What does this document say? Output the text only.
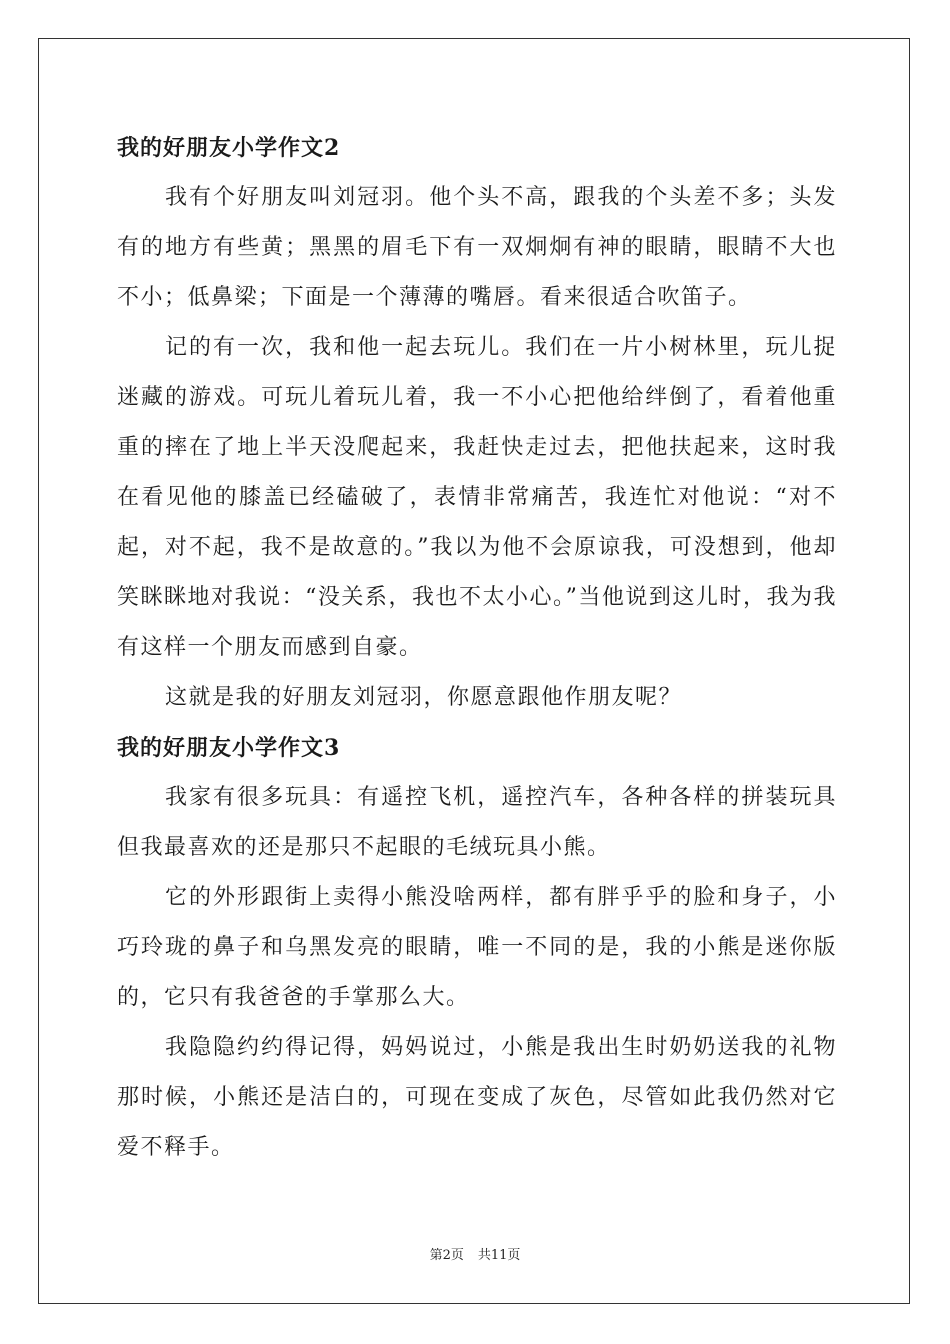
我的好朋友小学作文2

我有个好朋友叫刘冠羽。他个头不高，跟我的个头差不多；头发有的地方有些黄；黑黑的眉毛下有一双炯炯有神的眼睛，眼睛不大也不小；低鼻梁；下面是一个薄薄的嘴唇。看来很适合吹笛子。

记的有一次，我和他一起去玩儿。我们在一片小树林里，玩儿捉迷藏的游戏。可玩儿着玩儿着，我一不小心把他给绊倒了，看着他重重的摔在了地上半天没爬起来，我赶快走过去，把他扶起来，这时我在看见他的膝盖已经磕破了，表情非常痛苦，我连忙对他说：“对不起，对不起，我不是故意的。”我以为他不会原谅我，可没想到，他却笑眯眯地对我说：“没关系，我也不太小心。”当他说到这儿时，我为我有这样一个朋友而感到自豪。

这就是我的好朋友刘冠羽，你愿意跟他作朋友呢？

我的好朋友小学作文3

我家有很多玩具：有遥控飞机，遥控汽车，各种各样的拼装玩具但我最喜欢的还是那只不起眼的毛绒玩具小熊。

它的外形跟街上卖得小熊没啥两样，都有胖乎乎的脸和身子，小巧玲珑的鼻子和乌黑发亮的眼睛，唯一不同的是，我的小熊是迷你版的，它只有我爸爸的手掌那么大。

我隐隐约约得记得，妈妈说过，小熊是我出生时奶奶送我的礼物那时候，小熊还是洁白的，可现在变成了灰色，尽管如此我仍然对它爱不释手。

第2页 共11页
